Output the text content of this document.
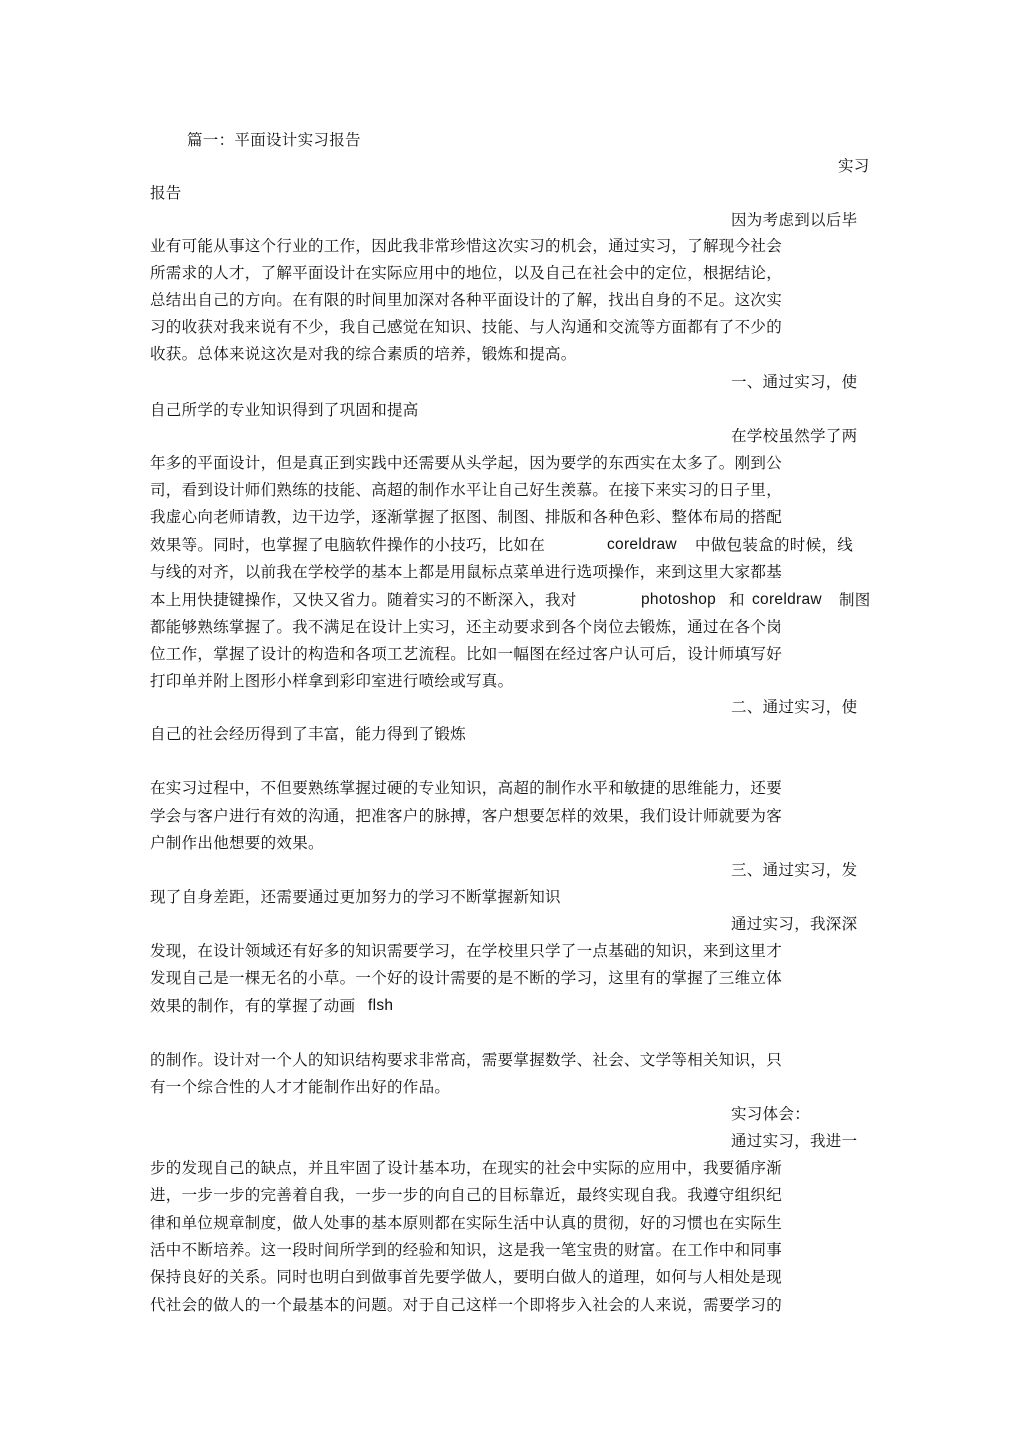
篇一：平面设计实习报告
实习
报告
因为考虑到以后毕
业有可能从事这个行业的工作，因此我非常珍惜这次实习的机会，通过实习，了解现今社会
所需求的人才，了解平面设计在实际应用中的地位，以及自己在社会中的定位，根据结论，
总结出自己的方向。在有限的时间里加深对各种平面设计的了解，找出自身的不足。这次实
习的收获对我来说有不少，我自己感觉在知识、技能、与人沟通和交流等方面都有了不少的
收获。总体来说这次是对我的综合素质的培养，锻炼和提高。
一、通过实习，使
自己所学的专业知识得到了巩固和提高
在学校虽然学了两
年多的平面设计，但是真正到实践中还需要从头学起，因为要学的东西实在太多了。刚到公
司，看到设计师们熟练的技能、高超的制作水平让自己好生羡慕。在接下来实习的日子里，
我虚心向老师请教，边干边学，逐渐掌握了抠图、制图、排版和各种色彩、整体布局的搭配
效果等。同时，也掌握了电脑软件操作的小技巧，比如在	coreldraw 中做包装盒的时候，线
与线的对齐，以前我在学校学的基本上都是用鼠标点菜单进行选项操作，来到这里大家都基
本上用快捷键操作，又快又省力。随着实习的不断深入，我对	photoshop 和 coreldraw 制图
都能够熟练掌握了。我不满足在设计上实习，还主动要求到各个岗位去锻炼，通过在各个岗
位工作，掌握了设计的构造和各项工艺流程。比如一幅图在经过客户认可后，设计师填写好
打印单并附上图形小样拿到彩印室进行喷绘或写真。
二、通过实习，使
自己的社会经历得到了丰富，能力得到了锻炼
在实习过程中，不但要熟练掌握过硬的专业知识，高超的制作水平和敏捷的思维能力，还要
学会与客户进行有效的沟通，把准客户的脉搏，客户想要怎样的效果，我们设计师就要为客
户制作出他想要的效果。
三、通过实习，发
现了自身差距，还需要通过更加努力的学习不断掌握新知识
通过实习，我深深
发现，在设计领域还有好多的知识需要学习，在学校里只学了一点基础的知识，来到这里才
发现自己是一棵无名的小草。一个好的设计需要的是不断的学习，这里有的掌握了三维立体
效果的制作，有的掌握了动画 flsh
的制作。设计对一个人的知识结构要求非常高，需要掌握数学、社会、文学等相关知识，只
有一个综合性的人才才能制作出好的作品。
实习体会：
通过实习，我进一
步的发现自己的缺点，并且牢固了设计基本功，在现实的社会中实际的应用中，我要循序渐
进，一步一步的完善着自我，一步一步的向自己的目标靠近，最终实现自我。我遵守组织纪
律和单位规章制度，做人处事的基本原则都在实际生活中认真的贯彻，好的习惯也在实际生
活中不断培养。这一段时间所学到的经验和知识，这是我一笔宝贵的财富。在工作中和同事
保持良好的关系。同时也明白到做事首先要学做人，要明白做人的道理，如何与人相处是现
代社会的做人的一个最基本的问题。对于自己这样一个即将步入社会的人来说，需要学习的
